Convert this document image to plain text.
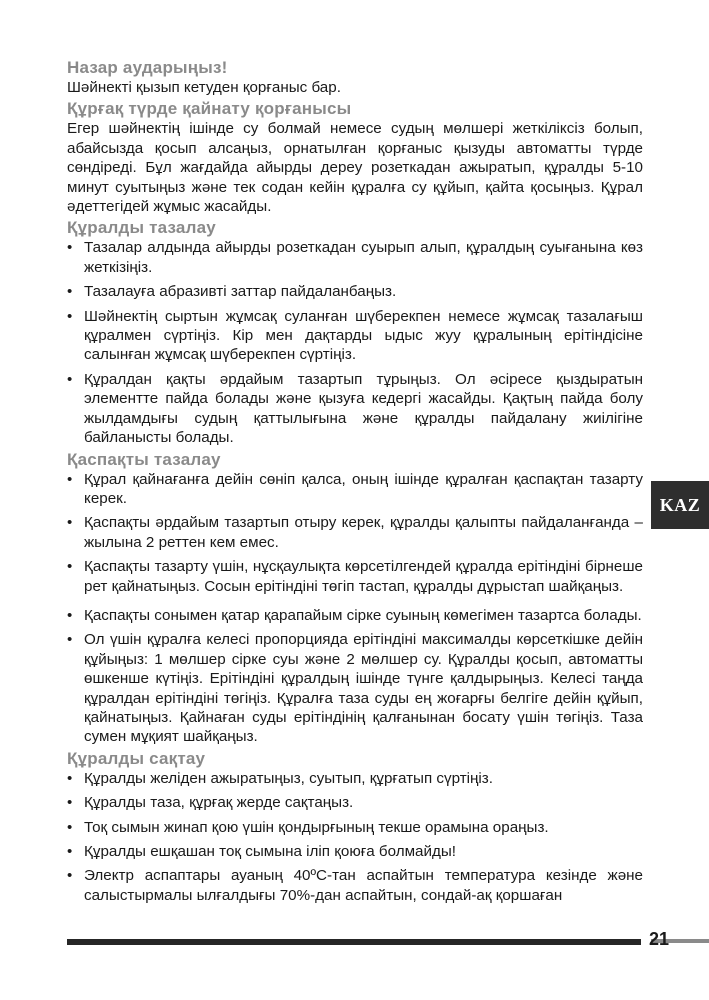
Назар аударыңыз!

Шәйнекті қызып кетуден қорғаныс бар.

Құрғақ түрде қайнату қорғанысы

Егер шәйнектің ішінде су болмай немесе судың мөлшері жеткіліксіз болып, абайсызда қосып алсаңыз, орнатылған қорғаныс қызуды автоматты түрде сөндіреді. Бұл жағдайда айырды дереу розеткадан ажыратып, құралды 5-10 минут суытыңыз және тек содан кейін құралға су құйып, қайта қосыңыз. Құрал әдеттегідей жұмыс жасайды.

Құралды тазалау
• Тазалар алдында айырды розеткадан суырып алып, құралдың суығанына көз жеткізіңіз.
• Тазалауға абразивті заттар пайдаланбаңыз.
• Шәйнектің сыртын жұмсақ суланған шүберекпен немесе жұмсақ тазалағыш құралмен сүртіңіз. Кір мен дақтарды ыдыс жуу құралының ерітіндісіне салынған жұмсақ шүберекпен сүртіңіз.
• Құралдан қақты әрдайым тазартып тұрыңыз. Ол әсіресе қыздыратын элементте пайда болады және қызуға кедергі жасайды. Қақтың пайда болу жылдамдығы судың қаттылығына және құралды пайдалану жиілігіне байланысты болады.
Қаспақты тазалау
• Құрал қайнағанға дейін сөніп қалса, оның ішінде құралған қаспақтан тазарту керек.
• Қаспақты әрдайым тазартып отыру керек, құралды қалыпты пайдаланғанда – жылына 2 реттен кем емес.
• Қаспақты тазарту үшін, нұсқаулықта көрсетілгендей құралда ерітіндіні бірнеше рет қайнатыңыз. Сосын ерітіндіні төгіп тастап, құралды дұрыстап шайқаңыз.
• Қаспақты сонымен қатар қарапайым сірке суының көмегімен тазартса болады.
• Ол үшін құралға келесі пропорцияда ерітіндіні максималды көрсеткішке дейін құйыңыз: 1 мөлшер сірке суы және 2 мөлшер су. Құралды қосып, автоматты өшкенше күтіңіз. Ерітіндіні құралдың ішінде түнге қалдырыңыз. Келесі таңда құралдан ерітіндіні төгіңіз. Құралға таза суды ең жоғарғы белгіге дейін құйып, қайнатыңыз. Қайнаған суды ерітіндінің қалғанынан босату үшін төгіңіз. Таза сумен мұқият шайқаңыз.
Құралды сақтау
• Құралды желіден ажыратыңыз, суытып, құрғатып сүртіңіз.
• Құралды таза, құрғақ жерде сақтаңыз.
• Тоқ сымын жинап қою үшін қондырғының текше орамына ораңыз.
• Құралды ешқашан тоқ сымына іліп қоюға болмайды!
• Электр аспаптары ауаның 40ºС-тан аспайтын температура кезінде және салыстырмалы ылғалдығы 70%-дан аспайтын, сондай-ақ қоршаған
KAZ
21
